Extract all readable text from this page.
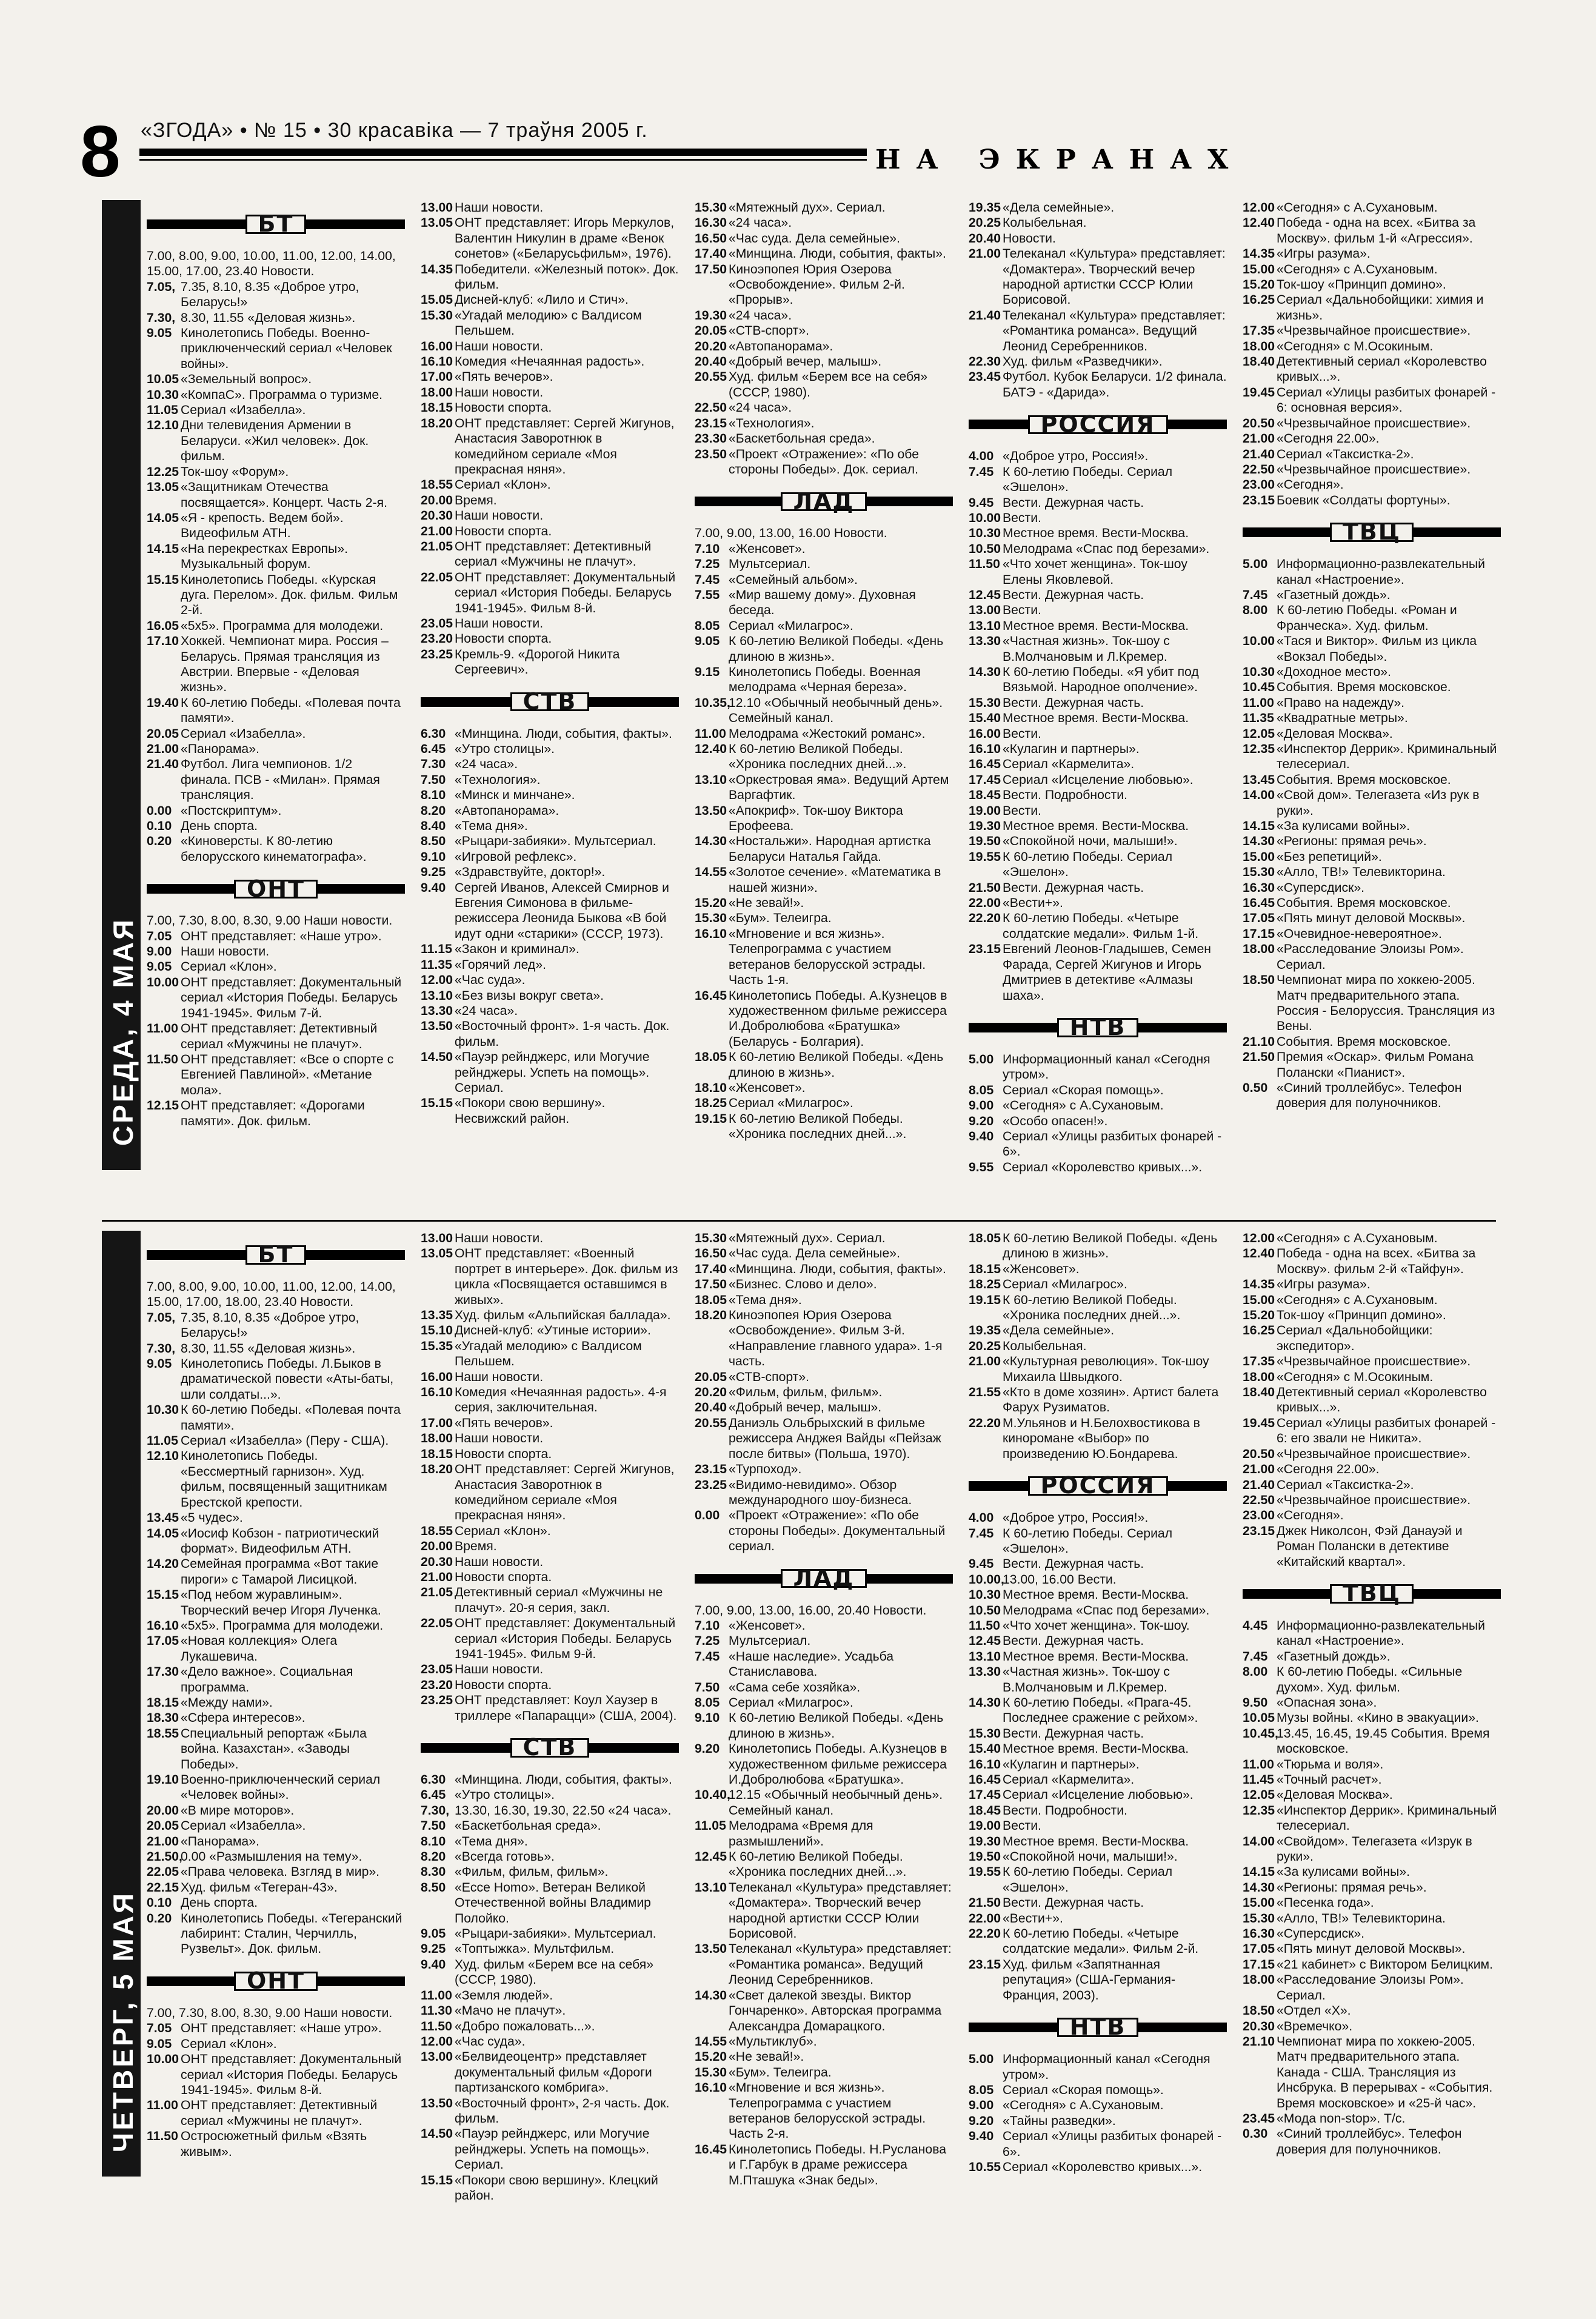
8 «ЗГОДА» • № 15 • 30 красавіка — 7 траўня 2005 г.
НА ЭКРАНАХ
СРЕДА, 4 МАЯ
БТ
7.00, 8.00, 9.00, 10.00, 11.00, 12.00, 14.00, 15.00, 17.00, 23.40 Новости.
7.05, 7.35, 8.10, 8.35 «Доброе утро, Беларусь!»
7.30, 8.30, 11.55 «Деловая жизнь».
9.05 Кинолетопись Победы. Военно-приключенческий сериал «Человек войны».
10.05 «Земельный вопрос».
10.30 «КомпаС». Программа о туризме.
11.05 Сериал «Изабелла».
12.10 Дни телевидения Армении в Беларуси. «Жил человек». Док. фильм.
12.25 Ток-шоу «Форум».
13.05 «Защитникам Отечества посвящается». Концерт. Часть 2-я.
14.05 «Я - крепость. Ведем бой». Видеофильм АТН.
14.15 «На перекрестках Европы». Музыкальный форум.
15.15 Кинолетопись Победы. «Курская дуга. Перелом». Док. фильм. Фильм 2-й.
16.05 «5х5». Программа для молодежи.
17.10 Хоккей. Чемпионат мира. Россия – Беларусь. Прямая трансляция из Австрии. Впервые - «Деловая жизнь».
19.40 К 60-летию Победы. «Полевая почта памяти».
20.05 Сериал «Изабелла».
21.00 «Панорама».
21.40 Футбол. Лига чемпионов. 1/2 финала. ПСВ - «Милан». Прямая трансляция.
0.00 «Постскриптум».
0.10 День спорта.
0.20 «Киноверсты. К 80-летию белорусского кинематографа».
ОНТ
7.00, 7.30, 8.00, 8.30, 9.00 Наши новости.
7.05 ОНТ представляет: «Наше утро».
9.00 Наши новости.
9.05 Сериал «Клон».
10.00 ОНТ представляет: Документальный сериал «История Победы. Беларусь 1941-1945». Фильм 7-й.
11.00 ОНТ представляет: Детективный сериал «Мужчины не плачут».
11.50 ОНТ представляет: «Все о спорте с Евгенией Павлиной». «Метание мола».
12.15 ОНТ представляет: «Дорогами памяти». Док. фильм.
13.00 Наши новости.
13.05 ОНТ представляет: Игорь Меркулов, Валентин Никулин в драме «Венок сонетов» («Беларусьфильм», 1976).
14.35 Победители. «Железный поток». Док. фильм.
15.05 Дисней-клуб: «Лило и Стич».
15.30 «Угадай мелодию» с Валдисом Пельшем.
16.00 Наши новости.
16.10 Комедия «Нечаянная радость».
17.00 «Пять вечеров».
18.00 Наши новости.
18.15 Новости спорта.
18.20 ОНТ представляет: Сергей Жигунов, Анастасия Заворотнюк в комедийном сериале «Моя прекрасная няня».
18.55 Сериал «Клон».
20.00 Время.
20.30 Наши новости.
21.00 Новости спорта.
21.05 ОНТ представляет: Детективный сериал «Мужчины не плачут».
22.05 ОНТ представляет: Документальный сериал «История Победы. Беларусь 1941-1945». Фильм 8-й.
23.05 Наши новости.
23.20 Новости спорта.
23.25 Кремль-9. «Дорогой Никита Сергеевич».
СТВ
6.30 «Минщина. Люди, события, факты».
6.45 «Утро столицы».
7.30 «24 часа».
7.50 «Технология».
8.10 «Минск и минчане».
8.20 «Автопанорама».
8.40 «Тема дня».
8.50 «Рыцари-забияки». Мультсериал.
9.10 «Игровой рефлекс».
9.25 «Здравствуйте, доктор!».
9.40 Сергей Иванов, Алексей Смирнов и Евгения Симонова в фильме-режиссера Леонида Быкова «В бой идут одни «старики» (СССР, 1973).
11.15 «Закон и криминал».
11.35 «Горячий лед».
12.00 «Час суда».
13.10 «Без визы вокруг света».
13.30 «24 часа».
13.50 «Восточный фронт». 1-я часть. Док. фильм.
14.50 «Пауэр рейнджерс, или Могучие рейнджеры. Успеть на помощь». Сериал.
15.15 «Покори свою вершину». Несвижский район.
15.30 «Мятежный дух». Сериал.
16.30 «24 часа».
16.50 «Час суда. Дела семейные».
17.40 «Минщина. Люди, события, факты».
17.50 Киноэпопея Юрия Озерова «Освобождение». Фильм 2-й. «Прорыв».
19.30 «24 часа».
20.05 «СТВ-спорт».
20.20 «Автопанорама».
20.40 «Добрый вечер, малыш».
20.55 Худ. фильм «Берем все на себя» (СССР, 1980).
22.50 «24 часа».
23.15 «Технология».
23.30 «Баскетбольная среда».
23.50 «Проект «Отражение»: «По обе стороны Победы». Док. сериал.
ЛАД
7.00, 9.00, 13.00, 16.00 Новости.
7.10 «Женсовет».
7.25 Мультсериал.
7.45 «Семейный альбом».
7.55 «Мир вашему дому». Духовная беседа.
8.05 Сериал «Милагрос».
9.05 К 60-летию Великой Победы. «День длиною в жизнь».
9.15 Кинолетопись Победы. Военная мелодрама «Черная береза».
10.35,
12.10 «Обычный необычный день». Семейный канал.
11.00 Мелодрама «Жестокий романс».
12.40 К 60-летию Великой Победы. «Хроника последних дней...».
13.10 «Оркестровая яма». Ведущий Артем Варгафтик.
13.50 «Апокриф». Ток-шоу Виктора Ерофеева.
14.30 «Ностальжи». Народная артистка Беларуси Наталья Гайда.
14.55 «Золотое сечение». «Математика в нашей жизни».
15.20 «Не зевай!».
15.30 «Бум». Телеигра.
16.10 «Мгновение и вся жизнь». Телепрограмма с участием ветеранов белорусской эстрады. Часть 1-я.
16.45 Кинолетопись Победы. А.Кузнецов в художественном фильме режиссера И.Добролюбова «Братушка» (Беларусь - Болгария).
18.05 К 60-летию Великой Победы. «День длиною в жизнь».
18.10 «Женсовет».
18.25 Сериал «Милагрос».
19.15 К 60-летию Великой Победы. «Хроника последних дней...».
19.35 «Дела семейные».
20.25 Колыбельная.
20.40 Новости.
21.00 Телеканал «Культура» представляет: «Домактера». Творческий вечер народной артистки СССР Юлии Борисовой.
21.40 Телеканал «Культура» представляет: «Романтика романса». Ведущий Леонид Серебренников.
22.30 Худ. фильм «Разведчики».
23.45 Футбол. Кубок Беларуси. 1/2 финала. БАТЭ - «Дарида».
РОССИЯ
4.00 «Доброе утро, Россия!».
7.45 К 60-летию Победы. Сериал «Эшелон».
9.45 Вести. Дежурная часть.
10.00 Вести.
10.30 Местное время. Вести-Москва.
10.50 Мелодрама «Спас под березами».
11.50 «Что хочет женщина». Ток-шоу Елены Яковлевой.
12.45 Вести. Дежурная часть.
13.00 Вести.
13.10 Местное время. Вести-Москва.
13.30 «Частная жизнь». Ток-шоу с В.Молчановым и Л.Кремер.
14.30 К 60-летию Победы. «Я убит под Вязьмой. Народное ополчение».
15.30 Вести. Дежурная часть.
15.40 Местное время. Вести-Москва.
16.00 Вести.
16.10 «Кулагин и партнеры».
16.45 Сериал «Кармелита».
17.45 Сериал «Исцеление любовью».
18.45 Вести. Подробности.
19.00 Вести.
19.30 Местное время. Вести-Москва.
19.50 «Спокойной ночи, малыши!».
19.55 К 60-летию Победы. Сериал «Эшелон».
21.50 Вести. Дежурная часть.
22.00 «Вести+».
22.20 К 60-летию Победы. «Четыре солдатские медали». Фильм 1-й.
23.15 Евгений Леонов-Гладышев, Семен Фарада, Сергей Жигунов и Игорь Дмитриев в детективе «Алмазы шаха».
НТВ
5.00 Информационный канал «Сегодня утром».
8.05 Сериал «Скорая помощь».
9.00 «Сегодня» с А.Сухановым.
9.20 «Особо опасен!».
9.40 Сериал «Улицы разбитых фонарей - 6».
9.55 Сериал «Королевство кривых...».
12.00 «Сегодня» с А.Сухановым.
12.40 Победа - одна на всех. «Битва за Москву». фильм 1-й «Агрессия».
14.35 «Игры разума».
15.00 «Сегодня» с А.Сухановым.
15.20 Ток-шоу «Принцип домино».
16.25 Сериал «Дальнобойщики: химия и жизнь».
17.35 «Чрезвычайное происшествие».
18.00 «Сегодня» с М.Осокиным.
18.40 Детективный сериал «Королевство кривых...».
19.45 Сериал «Улицы разбитых фонарей - 6: основная версия».
20.50 «Чрезвычайное происшествие».
21.00 «Сегодня 22.00».
21.40 Сериал «Таксистка-2».
22.50 «Чрезвычайное происшествие».
23.00 «Сегодня».
23.15 Боевик «Солдаты фортуны».
ТВЦ
5.00 Информационно-развлекательный канал «Настроение».
7.45 «Газетный дождь».
8.00 К 60-летию Победы. «Роман и Франческа». Худ. фильм.
10.00 «Тася и Виктор». Фильм из цикла «Вокзал Победы».
10.30 «Доходное место».
10.45 События. Время московское.
11.00 «Право на надежду».
11.35 «Квадратные метры».
12.05 «Деловая Москва».
12.35 «Инспектор Деррик». Криминальный телесериал.
13.45 События. Время московское.
14.00 «Свой дом». Телегазета «Из рук в руки».
14.15 «За кулисами войны».
14.30 «Регионы: прямая речь».
15.00 «Без репетиций».
15.30 «Алло, ТВ!» Телевикторина.
16.30 «Суперсдиск».
16.45 События. Время московское.
17.05 «Пять минут деловой Москвы».
17.15 «Очевидное-невероятное».
18.00 «Расследование Элоизы Ром». Сериал.
18.50 Чемпионат мира по хоккею-2005. Матч предварительного этапа. Россия - Белоруссия. Трансляция из Вены.
21.10 События. Время московское.
21.50 Премия «Оскар». Фильм Романа Полански «Пианист».
0.50 «Синий троллейбус». Телефон доверия для полуночников.
ЧЕТВЕРГ, 5 МАЯ
БТ
7.00, 8.00, 9.00, 10.00, 11.00, 12.00, 14.00, 15.00, 17.00, 18.00, 23.40 Новости.
7.05, 7.35, 8.10, 8.35 «Доброе утро, Беларусь!»
7.30, 8.30, 11.55 «Деловая жизнь».
9.05 Кинолетопись Победы. Л.Быков в драматической повести «Аты-баты, шли солдаты...».
10.30 К 60-летию Победы. «Полевая почта памяти».
11.05 Сериал «Изабелла» (Перу - США).
12.10 Кинолетопись Победы. «Бессмертный гарнизон». Худ. фильм, посвященный защитникам Брестской крепости.
13.45 «5 чудес».
14.05 «Иосиф Кобзон - патриотический формат». Видеофильм АТН.
14.20 Семейная программа «Вот такие пироги» с Тамарой Лисицкой.
15.15 «Под небом журавлиным». Творческий вечер Игоря Лученка.
16.10 «5х5». Программа для молодежи.
17.05 «Новая коллекция» Олега Лукашевича.
17.30 «Дело важное». Социальная программа.
18.15 «Между нами».
18.30 «Сфера интересов».
18.55 Специальный репортаж «Была война. Казахстан». «Заводы Победы».
19.10 Военно-приключенческий сериал «Человек войны».
20.00 «В мире моторов».
20.05 Сериал «Изабелла».
21.00 «Панорама».
21.50,
0.00 «Размышления на тему».
22.05 «Права человека. Взгляд в мир».
22.15 Худ. фильм «Тегеран-43».
0.10 День спорта.
0.20 Кинолетопись Победы. «Тегеранский лабиринт: Сталин, Черчилль, Рузвельт». Док. фильм.
ОНТ
7.00, 7.30, 8.00, 8.30, 9.00 Наши новости.
7.05 ОНТ представляет: «Наше утро».
9.05 Сериал «Клон».
10.00 ОНТ представляет: Документальный сериал «История Победы. Беларусь 1941-1945». Фильм 8-й.
11.00 ОНТ представляет: Детективный сериал «Мужчины не плачут».
11.50 Остросюжетный фильм «Взять живым».
13.00 Наши новости.
13.05 ОНТ представляет: «Военный портрет в интерьере». Док. фильм из цикла «Посвящается оставшимся в живых».
13.35 Худ. фильм «Альпийская баллада».
15.10 Дисней-клуб: «Утиные истории».
15.35 «Угадай мелодию» с Валдисом Пельшем.
16.00 Наши новости.
16.10 Комедия «Нечаянная радость». 4-я серия, заключительная.
17.00 «Пять вечеров».
18.00 Наши новости.
18.15 Новости спорта.
18.20 ОНТ представляет: Сергей Жигунов, Анастасия Заворотнюк в комедийном сериале «Моя прекрасная няня».
18.55 Сериал «Клон».
20.00 Время.
20.30 Наши новости.
21.00 Новости спорта.
21.05 Детективный сериал «Мужчины не плачут». 20-я серия, закл.
22.05 ОНТ представляет: Документальный сериал «История Победы. Беларусь 1941-1945». Фильм 9-й.
23.05 Наши новости.
23.20 Новости спорта.
23.25 ОНТ представляет: Коул Хаузер в триллере «Папарацци» (США, 2004).
СТВ
6.30 «Минщина. Люди, события, факты».
6.45 «Утро столицы».
7.30, 13.30, 16.30, 19.30, 22.50 «24 часа».
7.50 «Баскетбольная среда».
8.10 «Тема дня».
8.20 «Всегда готовь».
8.30 «Фильм, фильм, фильм».
8.50 «Ecce Homo». Ветеран Великой Отечественной войны Владимир Полойко.
9.05 «Рыцари-забияки». Мультсериал.
9.25 «Топтыжка». Мультфильм.
9.40 Худ. фильм «Берем все на себя» (СССР, 1980).
11.00 «Земля людей».
11.30 «Мачо не плачут».
11.50 «Добро пожаловать...».
12.00 «Час суда».
13.00 «Белвидеоцентр» представляет документальный фильм «Дороги партизанского комбрига».
13.50 «Восточный фронт», 2-я часть. Док. фильм.
14.50 «Пауэр рейнджерс, или Могучие рейнджеры. Успеть на помощь». Сериал.
15.15 «Покори свою вершину». Клецкий район.
15.30 «Мятежный дух». Сериал.
16.50 «Час суда. Дела семейные».
17.40 «Минщина. Люди, события, факты».
17.50 «Бизнес. Слово и дело».
18.05 «Тема дня».
18.20 Киноэпопея Юрия Озерова «Освобождение». Фильм 3-й. «Направление главного удара». 1-я часть.
20.05 «СТВ-спорт».
20.20 «Фильм, фильм, фильм».
20.40 «Добрый вечер, малыш».
20.55 Даниэль Ольбрыхский в фильме режиссера Анджея Вайды «Пейзаж после битвы» (Польша, 1970).
23.15 «Турпоход».
23.25 «Видимо-невидимо». Обзор международного шоу-бизнеса.
0.00 «Проект «Отражение»: «По обе стороны Победы». Документальный сериал.
ЛАД
7.00, 9.00, 13.00, 16.00, 20.40 Новости.
7.10 «Женсовет».
7.25 Мультсериал.
7.45 «Наше наследие». Усадьба Станиславова.
7.50 «Сама себе хозяйка».
8.05 Сериал «Милагрос».
9.10 К 60-летию Великой Победы. «День длиною в жизнь».
9.20 Кинолетопись Победы. А.Кузнецов в художественном фильме режиссера И.Добролюбова «Братушка».
10.40,
12.15 «Обычный необычный день». Семейный канал.
11.05 Мелодрама «Время для размышлений».
12.45 К 60-летию Великой Победы. «Хроника последних дней...».
13.10 Телеканал «Культура» представляет: «Домактера». Творческий вечер народной артистки СССР Юлии Борисовой.
13.50 Телеканал «Культура» представляет: «Романтика романса». Ведущий Леонид Серебренников.
14.30 «Свет далекой звезды. Виктор Гончаренко». Авторская программа Александра Домарацкого.
14.55 «Мультиклуб».
15.20 «Не зевай!».
15.30 «Бум». Телеигра.
16.10 «Мгновение и вся жизнь». Телепрограмма с участием ветеранов белорусской эстрады. Часть 2-я.
16.45 Кинолетопись Победы. Н.Русланова и Г.Гарбук в драме режиссера М.Пташука «Знак беды».
18.05 К 60-летию Великой Победы. «День длиною в жизнь».
18.15 «Женсовет».
18.25 Сериал «Милагрос».
19.15 К 60-летию Великой Победы. «Хроника последних дней...».
19.35 «Дела семейные».
20.25 Колыбельная.
21.00 «Культурная революция». Ток-шоу Михаила Швыдкого.
21.55 «Кто в доме хозяин». Артист балета Фарух Рузиматов.
22.20 М.Ульянов и Н.Белохвостикова в киноромане «Выбор» по произведению Ю.Бондарева.
РОССИЯ
4.00 «Доброе утро, Россия!».
7.45 К 60-летию Победы. Сериал «Эшелон».
9.45 Вести. Дежурная часть.
10.00,
13.00, 16.00 Вести.
10.30 Местное время. Вести-Москва.
10.50 Мелодрама «Спас под березами».
11.50 «Что хочет женщина». Ток-шоу.
12.45 Вести. Дежурная часть.
13.10 Местное время. Вести-Москва.
13.30 «Частная жизнь». Ток-шоу с В.Молчановым и Л.Кремер.
14.30 К 60-летию Победы. «Прага-45. Последнее сражение с рейхом».
15.30 Вести. Дежурная часть.
15.40 Местное время. Вести-Москва.
16.10 «Кулагин и партнеры».
16.45 Сериал «Кармелита».
17.45 Сериал «Исцеление любовью».
18.45 Вести. Подробности.
19.00 Вести.
19.30 Местное время. Вести-Москва.
19.50 «Спокойной ночи, малыши!».
19.55 К 60-летию Победы. Сериал «Эшелон».
21.50 Вести. Дежурная часть.
22.00 «Вести+».
22.20 К 60-летию Победы. «Четыре солдатские медали». Фильм 2-й.
23.15 Худ. фильм «Запятнанная репутация» (США-Германия-Франция, 2003).
НТВ
5.00 Информационный канал «Сегодня утром».
8.05 Сериал «Скорая помощь».
9.00 «Сегодня» с А.Сухановым.
9.20 «Тайны разведки».
9.40 Сериал «Улицы разбитых фонарей - 6».
10.55 Сериал «Королевство кривых...».
12.00 «Сегодня» с А.Сухановым.
12.40 Победа - одна на всех. «Битва за Москву». фильм 2-й «Тайфун».
14.35 «Игры разума».
15.00 «Сегодня» с А.Сухановым.
15.20 Ток-шоу «Принцип домино».
16.25 Сериал «Дальнобойщики: экспедитор».
17.35 «Чрезвычайное происшествие».
18.00 «Сегодня» с М.Осокиным.
18.40 Детективный сериал «Королевство кривых...».
19.45 Сериал «Улицы разбитых фонарей - 6: его звали не Никита».
20.50 «Чрезвычайное происшествие».
21.00 «Сегодня 22.00».
21.40 Сериал «Таксистка-2».
22.50 «Чрезвычайное происшествие».
23.00 «Сегодня».
23.15 Джек Николсон, Фэй Данауэй и Роман Полански в детективе «Китайский квартал».
ТВЦ
4.45 Информационно-развлекательный канал «Настроение».
7.45 «Газетный дождь».
8.00 К 60-летию Победы. «Сильные духом». Худ. фильм.
9.50 «Опасная зона».
10.05 Музы войны. «Кино в эвакуации».
10.45,
13.45, 16.45, 19.45 События. Время московское.
11.00 «Тюрьма и воля».
11.45 «Точный расчет».
12.05 «Деловая Москва».
12.35 «Инспектор Деррик». Криминальный телесериал.
14.00 «Свойдом». Телегазета «Изрук в руки».
14.15 «За кулисами войны».
14.30 «Регионы: прямая речь».
15.00 «Песенка года».
15.30 «Алло, ТВ!» Телевикторина.
16.30 «Суперсдиск».
17.05 «Пять минут деловой Москвы».
17.15 «21 кабинет» с Виктором Белицким.
18.00 «Расследование Элоизы Ром». Сериал.
18.50 «Отдел «Х».
20.30 «Времечко».
21.10 Чемпионат мира по хоккею-2005. Матч предварительного этапа. Канада - США. Трансляция из Инсбрука. В перерывах - «События. Время московское» и «25-й час».
23.45 «Мода non-stop». Т/с.
0.30 «Синий троллейбус». Телефон доверия для полуночников.
